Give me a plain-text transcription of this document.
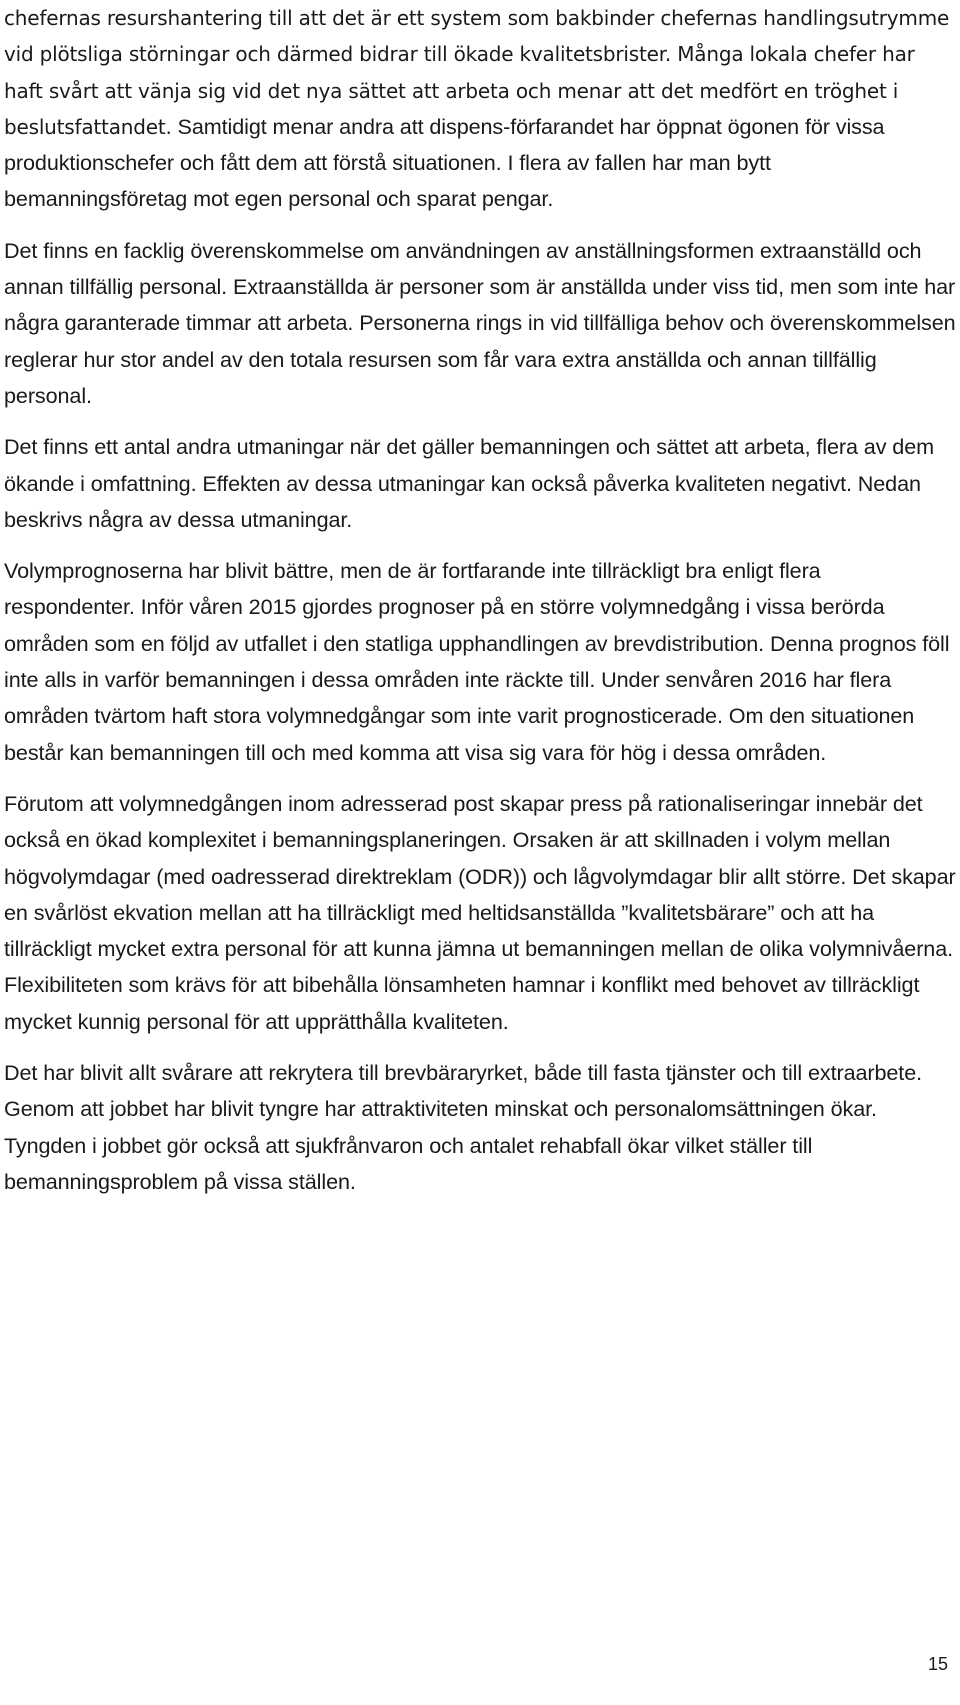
chefernas resurshantering till att det är ett system som bakbinder chefernas handlingsutrymme vid plötsliga störningar och därmed bidrar till ökade kvalitetsbrister. Många lokala chefer har haft svårt att vänja sig vid det nya sättet att arbeta och menar att det medfört en tröghet i beslutsfattandet. Samtidigt menar andra att dispens-förfarandet har öppnat ögonen för vissa produktionschefer och fått dem att förstå situationen. I flera av fallen har man bytt bemanningsföretag mot egen personal och sparat pengar.

Det finns en facklig överenskommelse om användningen av anställningsformen extraanställd och annan tillfällig personal. Extraanställda är personer som är anställda under viss tid, men som inte har några garanterade timmar att arbeta. Personerna rings in vid tillfälliga behov och överenskommelsen reglerar hur stor andel av den totala resursen som får vara extra anställda och annan tillfällig personal.

Det finns ett antal andra utmaningar när det gäller bemanningen och sättet att arbeta, flera av dem ökande i omfattning. Effekten av dessa utmaningar kan också påverka kvaliteten negativt. Nedan beskrivs några av dessa utmaningar.

Volymprognoserna har blivit bättre, men de är fortfarande inte tillräckligt bra enligt flera respondenter. Inför våren 2015 gjordes prognoser på en större volymnedgång i vissa berörda områden som en följd av utfallet i den statliga upphandlingen av brevdistribution. Denna prognos föll inte alls in varför bemanningen i dessa områden inte räckte till. Under senvåren 2016 har flera områden tvärtom haft stora volymnedgångar som inte varit prognosticerade. Om den situationen består kan bemanningen till och med komma att visa sig vara för hög i dessa områden.

Förutom att volymnedgången inom adresserad post skapar press på rationaliseringar innebär det också en ökad komplexitet i bemanningsplaneringen. Orsaken är att skillnaden i volym mellan högvolymdagar (med oadresserad direktreklam (ODR)) och lågvolymdagar blir allt större. Det skapar en svårlöst ekvation mellan att ha tillräckligt med heltidsanställda ”kvalitetsbärare” och att ha tillräckligt mycket extra personal för att kunna jämna ut bemanningen mellan de olika volymnivåerna. Flexibiliteten som krävs för att bibehålla lönsamheten hamnar i konflikt med behovet av tillräckligt mycket kunnig personal för att upprätthålla kvaliteten.

Det har blivit allt svårare att rekrytera till brevbäraryrket, både till fasta tjänster och till extraarbete. Genom att jobbet har blivit tyngre har attraktiviteten minskat och personalomsättningen ökar. Tyngden i jobbet gör också att sjukfrånvaron och antalet rehabfall ökar vilket ställer till bemanningsproblem på vissa ställen.

15
